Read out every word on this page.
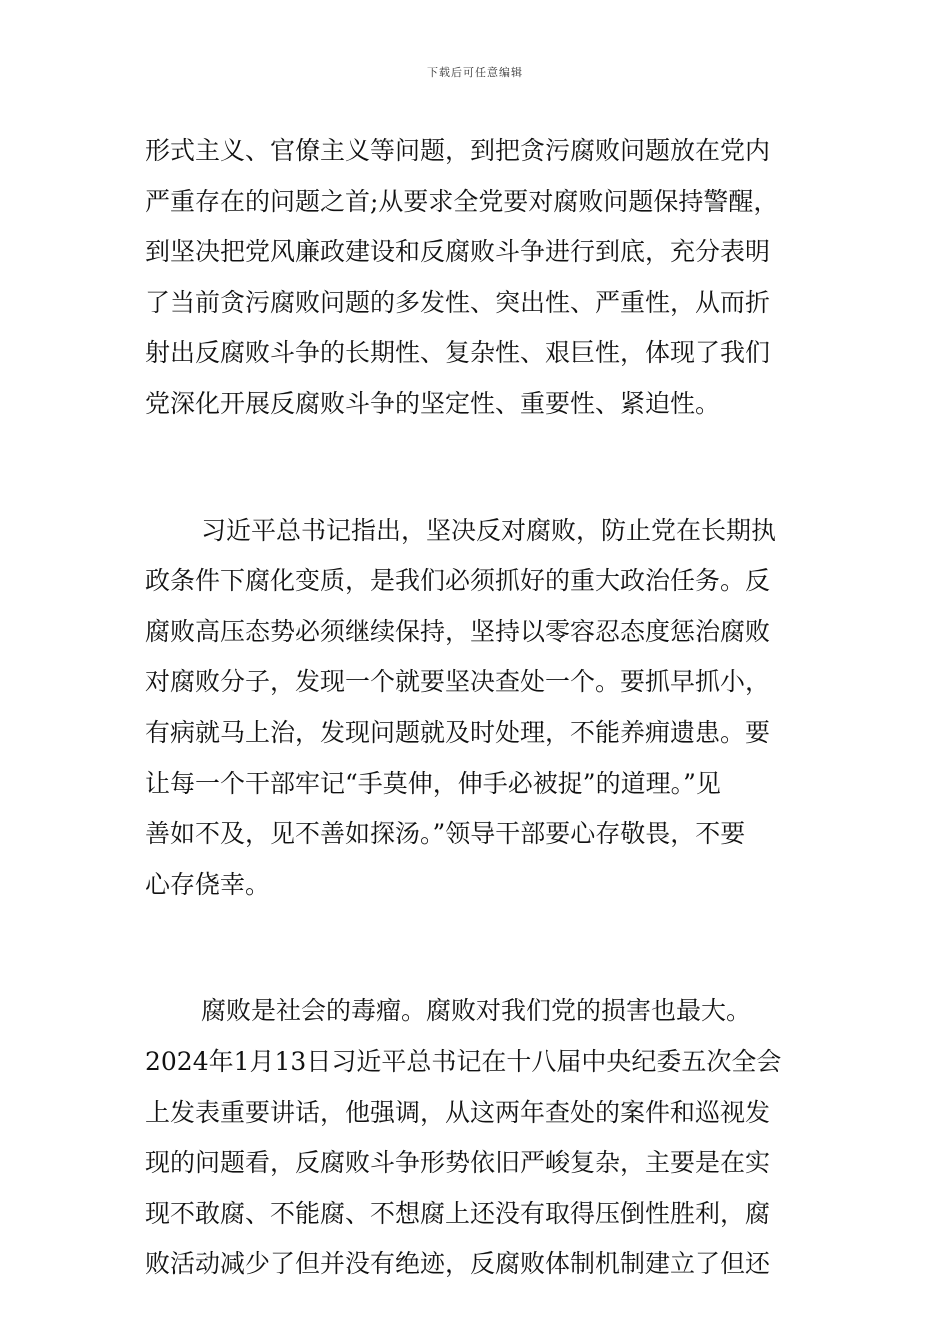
下载后可任意编辑
形式主义、官僚主义等问题，到把贪污腐败问题放在党内
严重存在的问题之首;从要求全党要对腐败问题保持警醒，
到坚决把党风廉政建设和反腐败斗争进行到底，充分表明
了当前贪污腐败问题的多发性、突出性、严重性，从而折
射出反腐败斗争的长期性、复杂性、艰巨性，体现了我们
党深化开展反腐败斗争的坚定性、重要性、紧迫性。
习近平总书记指出，坚决反对腐败，防止党在长期执
政条件下腐化变质，是我们必须抓好的重大政治任务。反
腐败高压态势必须继续保持，坚持以零容忍态度惩治腐败
对腐败分子，发现一个就要坚决查处一个。要抓早抓小，
有病就马上治，发现问题就及时处理，不能养痈遗患。要
让每一个干部牢记“手莫伸，伸手必被捉”的道理。”见
善如不及，见不善如探汤。”领导干部要心存敬畏，不要
心存侥幸。
腐败是社会的毒瘤。腐败对我们党的损害也最大。
2024年1月13日习近平总书记在十八届中央纪委五次全会
上发表重要讲话，他强调，从这两年查处的案件和巡视发
现的问题看，反腐败斗争形势依旧严峻复杂，主要是在实
现不敢腐、不能腐、不想腐上还没有取得压倒性胜利，腐
败活动减少了但并没有绝迹，反腐败体制机制建立了但还
